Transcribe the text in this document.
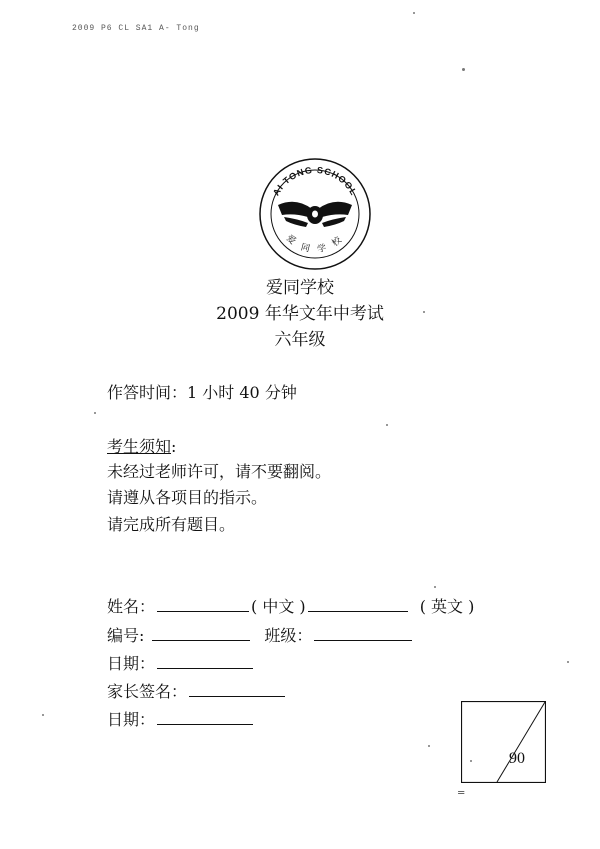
2009 P6 CL SA1 A- Tong
AI TONG SCHOOL
爱 同 学 校
爱同学校
2009 年华文年中考试
六年级
作答时间：1 小时 40 分钟
考生须知:
未经过老师许可，请不要翻阅。
请遵从各项目的指示。
请完成所有题目。
姓名：	( 中文 )	( 英文 )
编号:	班级：
日期：
家长签名：
日期：
90
=
